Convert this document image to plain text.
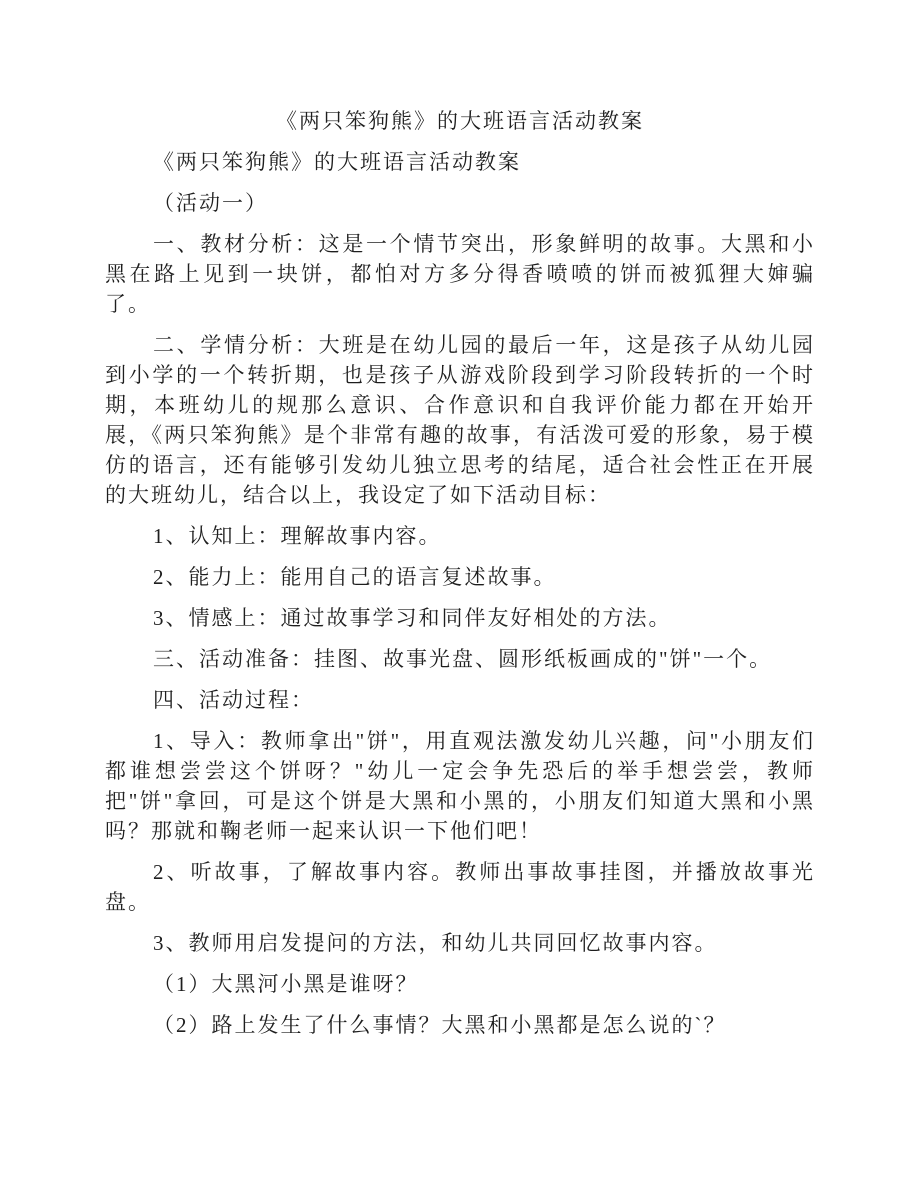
《两只笨狗熊》的大班语言活动教案

《两只笨狗熊》的大班语言活动教案

（活动一）

一、教材分析：这是一个情节突出，形象鲜明的故事。大黑和小黑在路上见到一块饼，都怕对方多分得香喷喷的饼而被狐狸大婶骗了。

二、学情分析：大班是在幼儿园的最后一年，这是孩子从幼儿园到小学的一个转折期，也是孩子从游戏阶段到学习阶段转折的一个时期，本班幼儿的规那么意识、合作意识和自我评价能力都在开始开展，《两只笨狗熊》是个非常有趣的故事，有活泼可爱的形象，易于模仿的语言，还有能够引发幼儿独立思考的结尾，适合社会性正在开展的大班幼儿，结合以上，我设定了如下活动目标：

1、认知上：理解故事内容。

2、能力上：能用自己的语言复述故事。

3、情感上：通过故事学习和同伴友好相处的方法。

三、活动准备：挂图、故事光盘、圆形纸板画成的"饼"一个。

四、活动过程：

1、导入：教师拿出"饼"，用直观法激发幼儿兴趣，问"小朋友们都谁想尝尝这个饼呀？"幼儿一定会争先恐后的举手想尝尝，教师把"饼"拿回，可是这个饼是大黑和小黑的，小朋友们知道大黑和小黑吗？那就和鞠老师一起来认识一下他们吧！

2、听故事，了解故事内容。教师出事故事挂图，并播放故事光盘。

3、教师用启发提问的方法，和幼儿共同回忆故事内容。

（1）大黑河小黑是谁呀？

（2）路上发生了什么事情？大黑和小黑都是怎么说的`？
